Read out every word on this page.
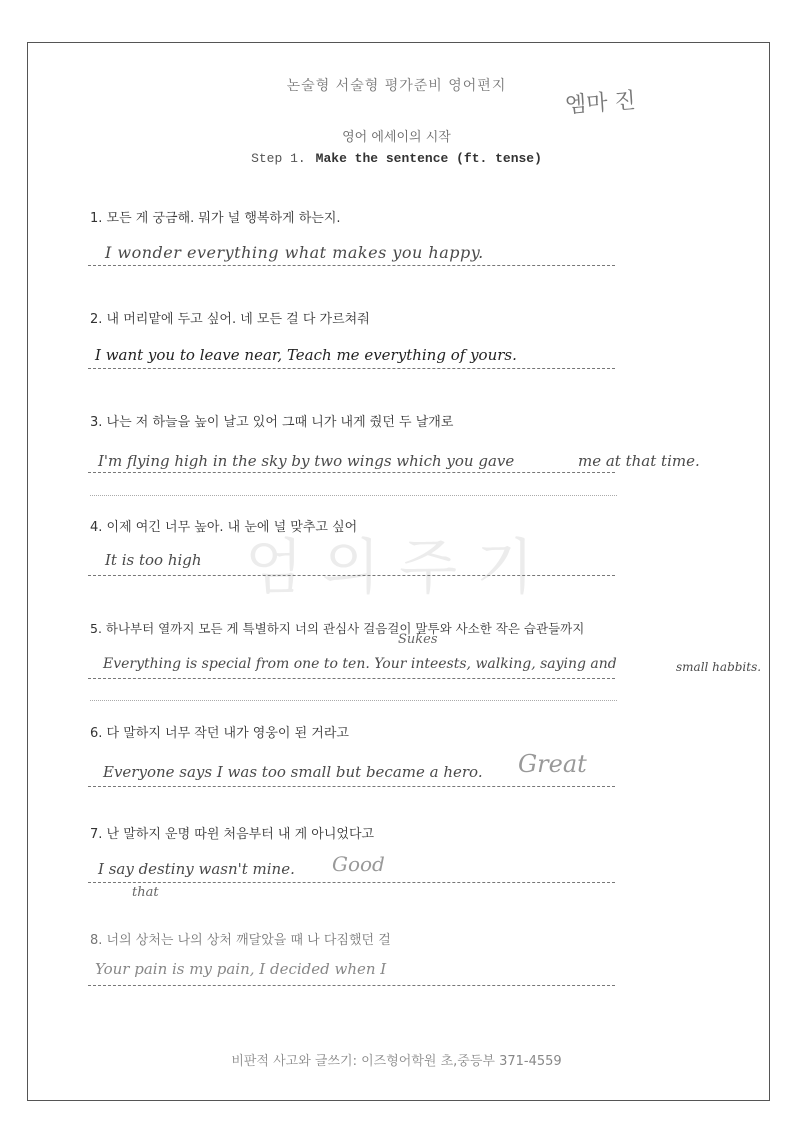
엄 의 주 기
논술형 서술형 평가준비 영어편지
엠마 진
영어 에세이의 시작
Step 1. Make the sentence (ft. tense)
1. 모든 게 궁금해. 뭐가 널 행복하게 하는지.
I wonder everything what makes you happy.
2. 내 머리맡에 두고 싶어. 네 모든 걸 다 가르쳐줘
I want you to leave near, Teach me everything of yours.
3. 나는 저 하늘을 높이 날고 있어 그때 니가 내게 줬던 두 날개로
I'm flying high in the sky by two wings which you gave	me at that time.
4. 이제 여긴 너무 높아. 내 눈에 널 맞추고 싶어
It is too high
5. 하나부터 열까지 모든 게 특별하지 너의 관심사 걸음걸이 말투와 사소한 작은 습관들까지
Sukes
Everything is special from one to ten. Your inteests, walking, saying and	small habbits.
6. 다 말하지 너무 작던 내가 영웅이 된 거라고
Everyone says I was too small but became a hero. Great
7. 난 말하지 운명 따윈 처음부터 내 게 아니었다고
I say destiny wasn't mine.
that
Good
8. 너의 상처는 나의 상처 깨달았을 때 나 다짐했던 걸
Your pain is my pain, I decided when I
비판적 사고와 글쓰기: 이즈형어학원 초,중등부 371-4559
